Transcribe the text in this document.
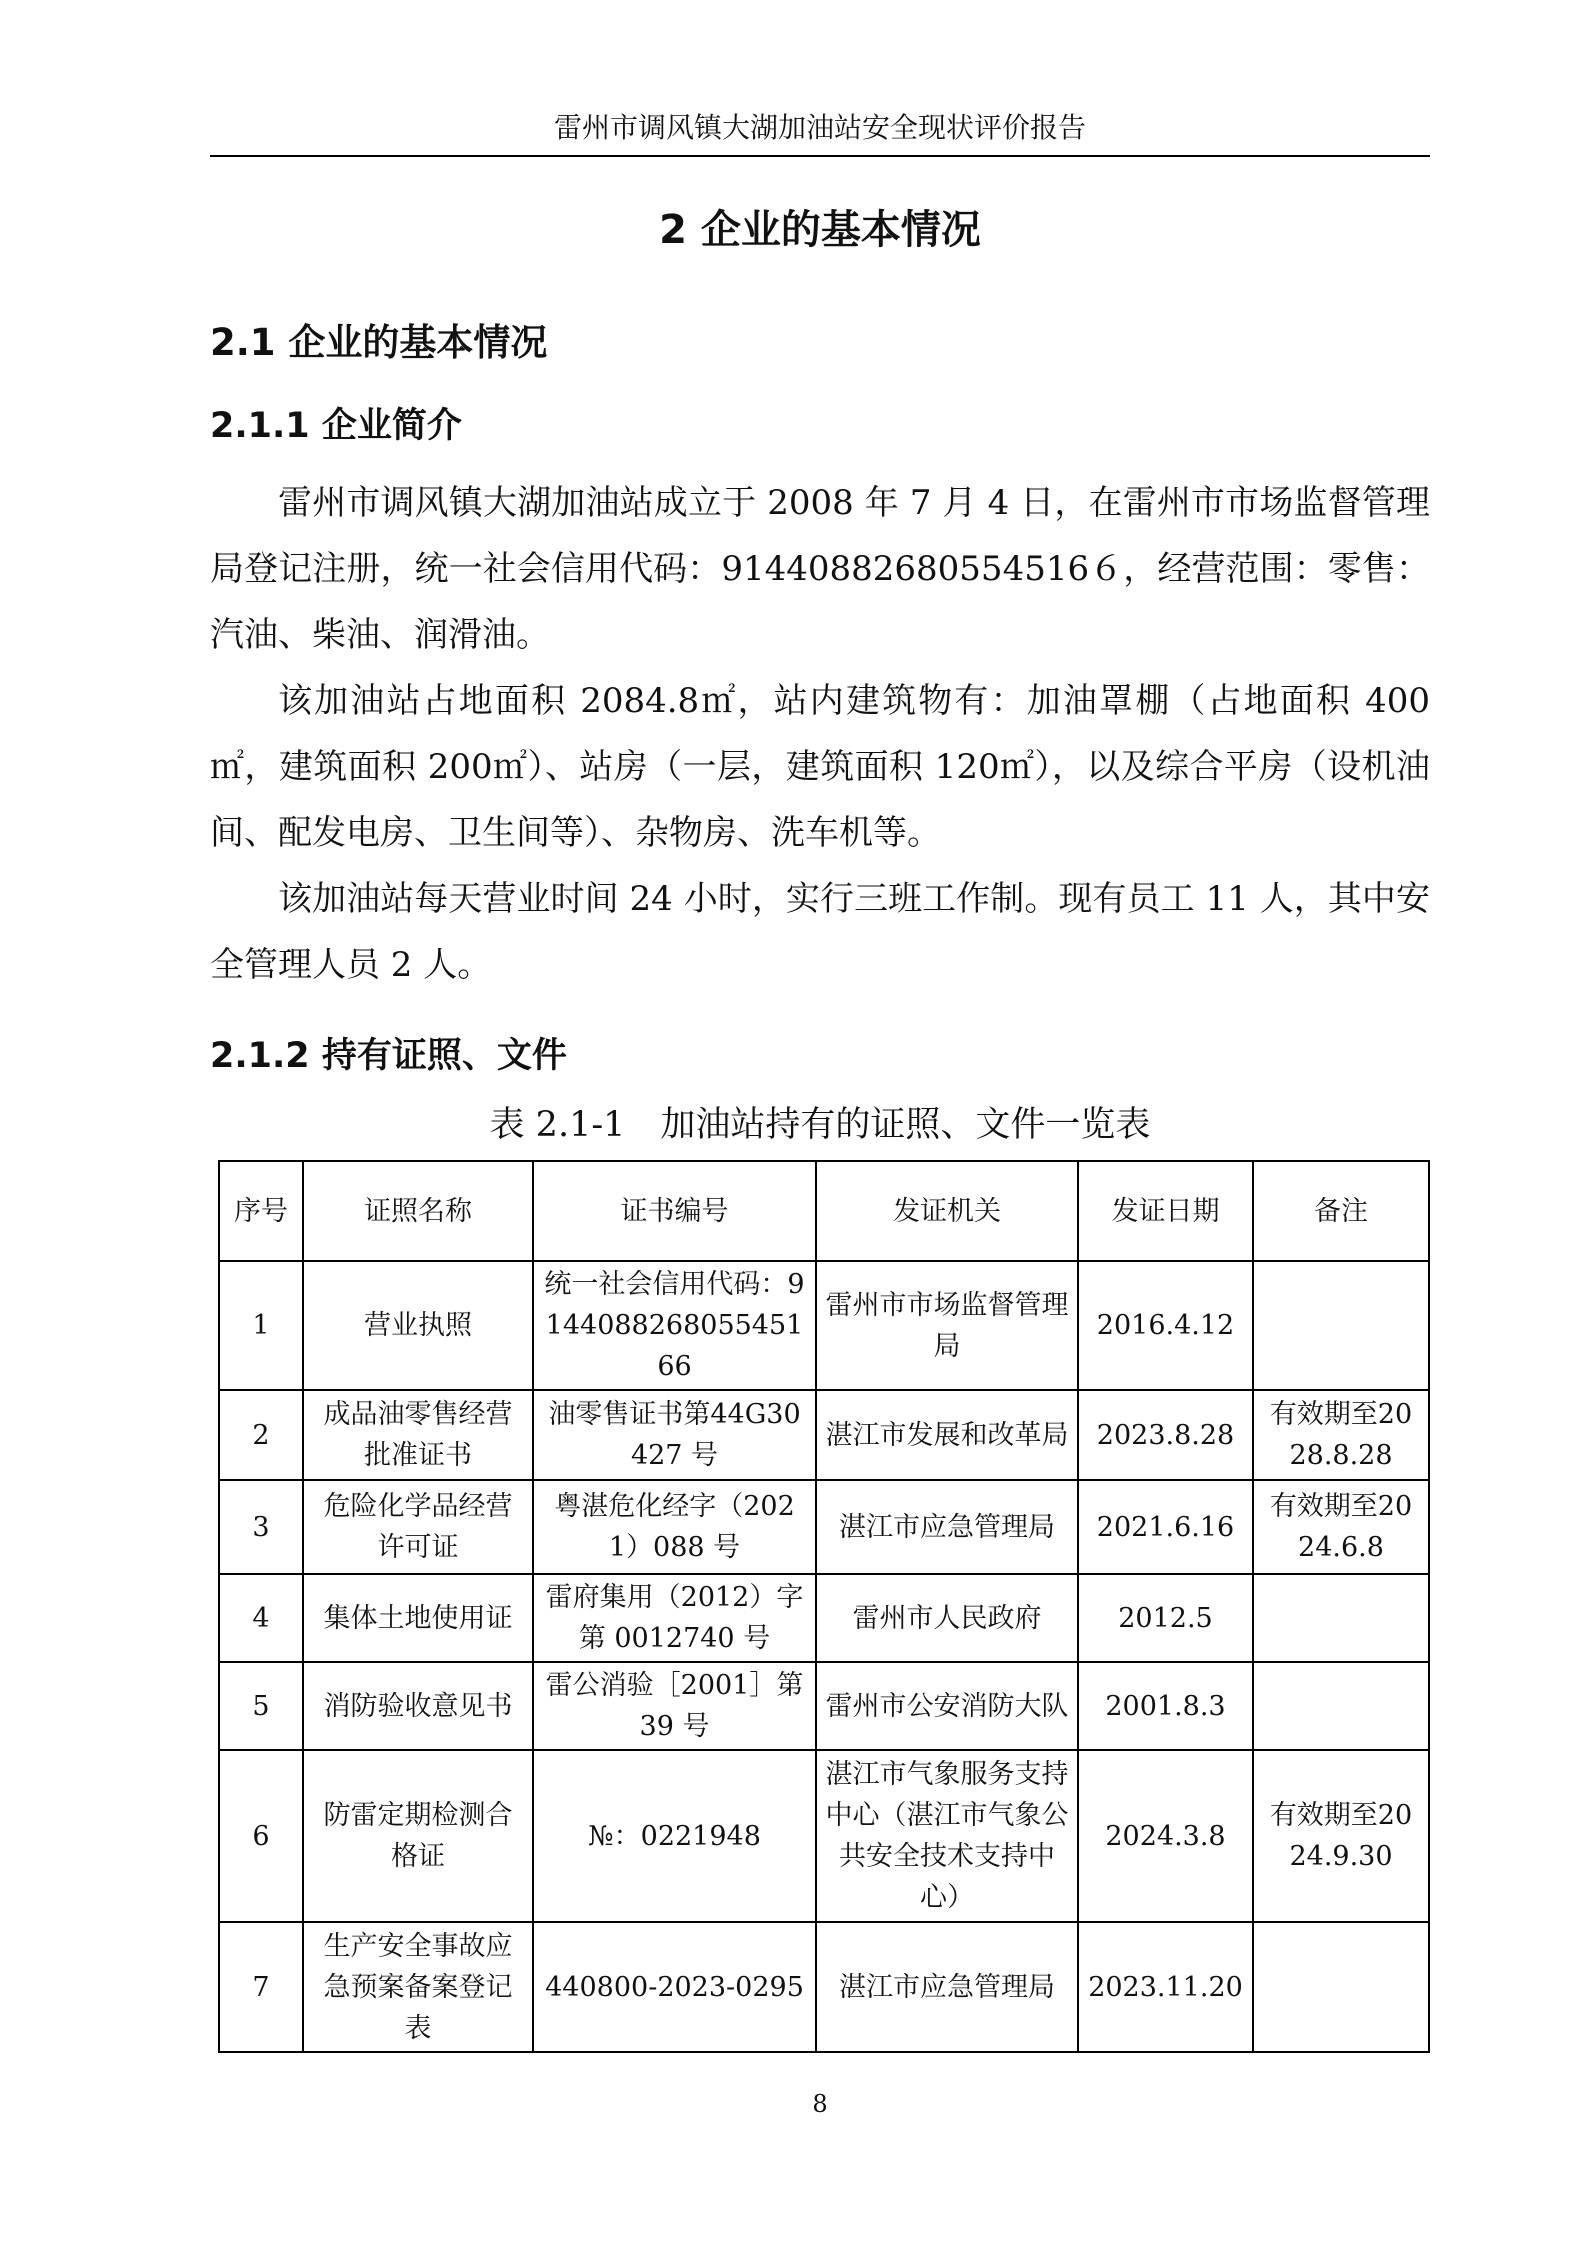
雷州市调风镇大湖加油站安全现状评价报告
2 企业的基本情况
2.1 企业的基本情况
2.1.1 企业简介
雷州市调风镇大湖加油站成立于 2008 年 7 月 4 日，在雷州市市场监督管理局登记注册，统一社会信用代码：91440882680554516６，经营范围：零售：汽油、柴油、润滑油。
该加油站占地面积 2084.8㎡，站内建筑物有：加油罩棚（占地面积 400㎡，建筑面积 200㎡）、站房（一层，建筑面积 120㎡），以及综合平房（设机油间、配发电房、卫生间等）、杂物房、洗车机等。
该加油站每天营业时间 24 小时，实行三班工作制。现有员工 11 人，其中安全管理人员 2 人。
2.1.2 持有证照、文件
表 2.1-1　加油站持有的证照、文件一览表
序号	证照名称	证书编号	发证机关	发证日期	备注
1	营业执照	统一社会信用代码：914408826805545166	雷州市市场监督管理局	2016.4.12	
2	成品油零售经营批准证书	油零售证书第44G30427 号	湛江市发展和改革局	2023.8.28	有效期至2028.8.28
3	危险化学品经营许可证	粤湛危化经字（2021）088 号	湛江市应急管理局	2021.6.16	有效期至2024.6.8
4	集体土地使用证	雷府集用（2012）字第 0012740 号	雷州市人民政府	2012.5	
5	消防验收意见书	雷公消验［2001］第39 号	雷州市公安消防大队	2001.8.3	
6	防雷定期检测合格证	№：0221948	湛江市气象服务支持中心（湛江市气象公共安全技术支持中心）	2024.3.8	有效期至2024.9.30
7	生产安全事故应急预案备案登记表	440800-2023-0295	湛江市应急管理局	2023.11.20	
8
